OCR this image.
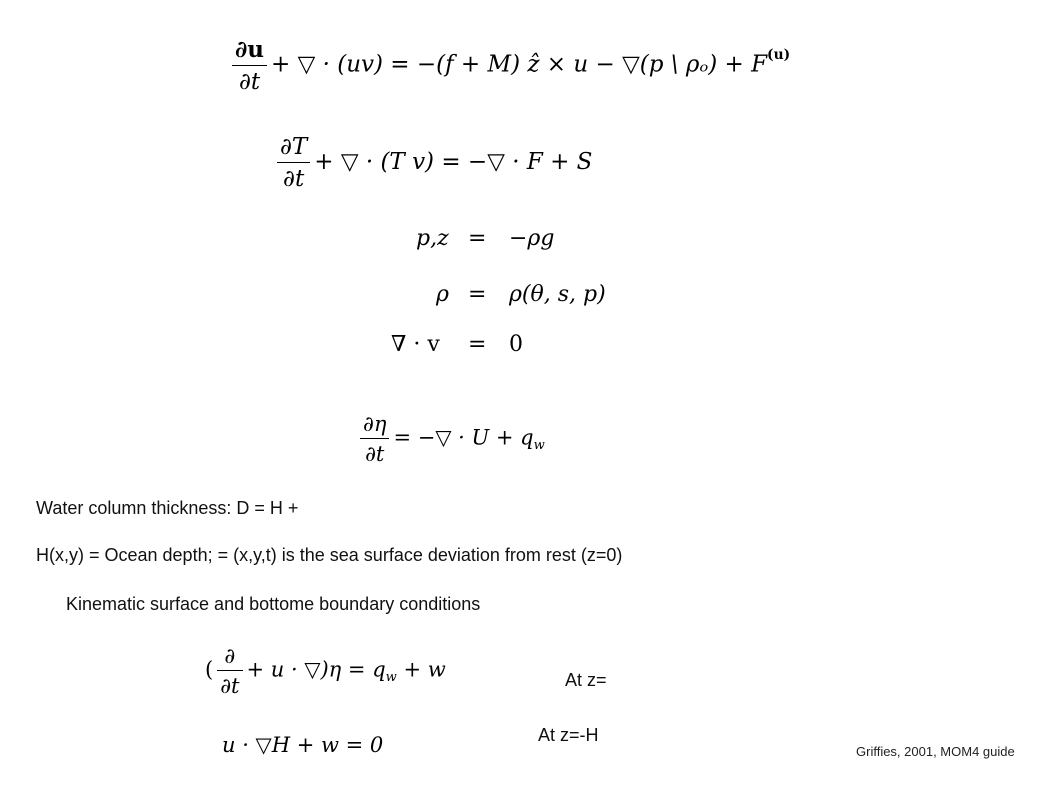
$\frac{\partial u}{\partial t}$ + ▽ · (uv) = −(f + M) ẑ × u − ▽(p \ $\rho_o) + F^{(u)}$
$\frac{\partial T}{\partial t}$ + ▽ · (T v) = −▽ · F + S
p,z = −ρg
ρ = ρ(θ, s, p)
∇ · v = 0
$\frac{\partial\eta}{\partial t}$ = −▽ · $U + q_w$
Water column thickness: D = H +
H(x,y) = Ocean depth; = (x,y,t) is the sea surface deviation from rest (z=0)
Kinematic surface and bottome boundary conditions
( $\frac{\partial}{\partial t} + u$ · ▽)η = $q_w + w$	At z=
u · ▽H + w = 0	At z=-H
Griffies, 2001, MOM4 guide
